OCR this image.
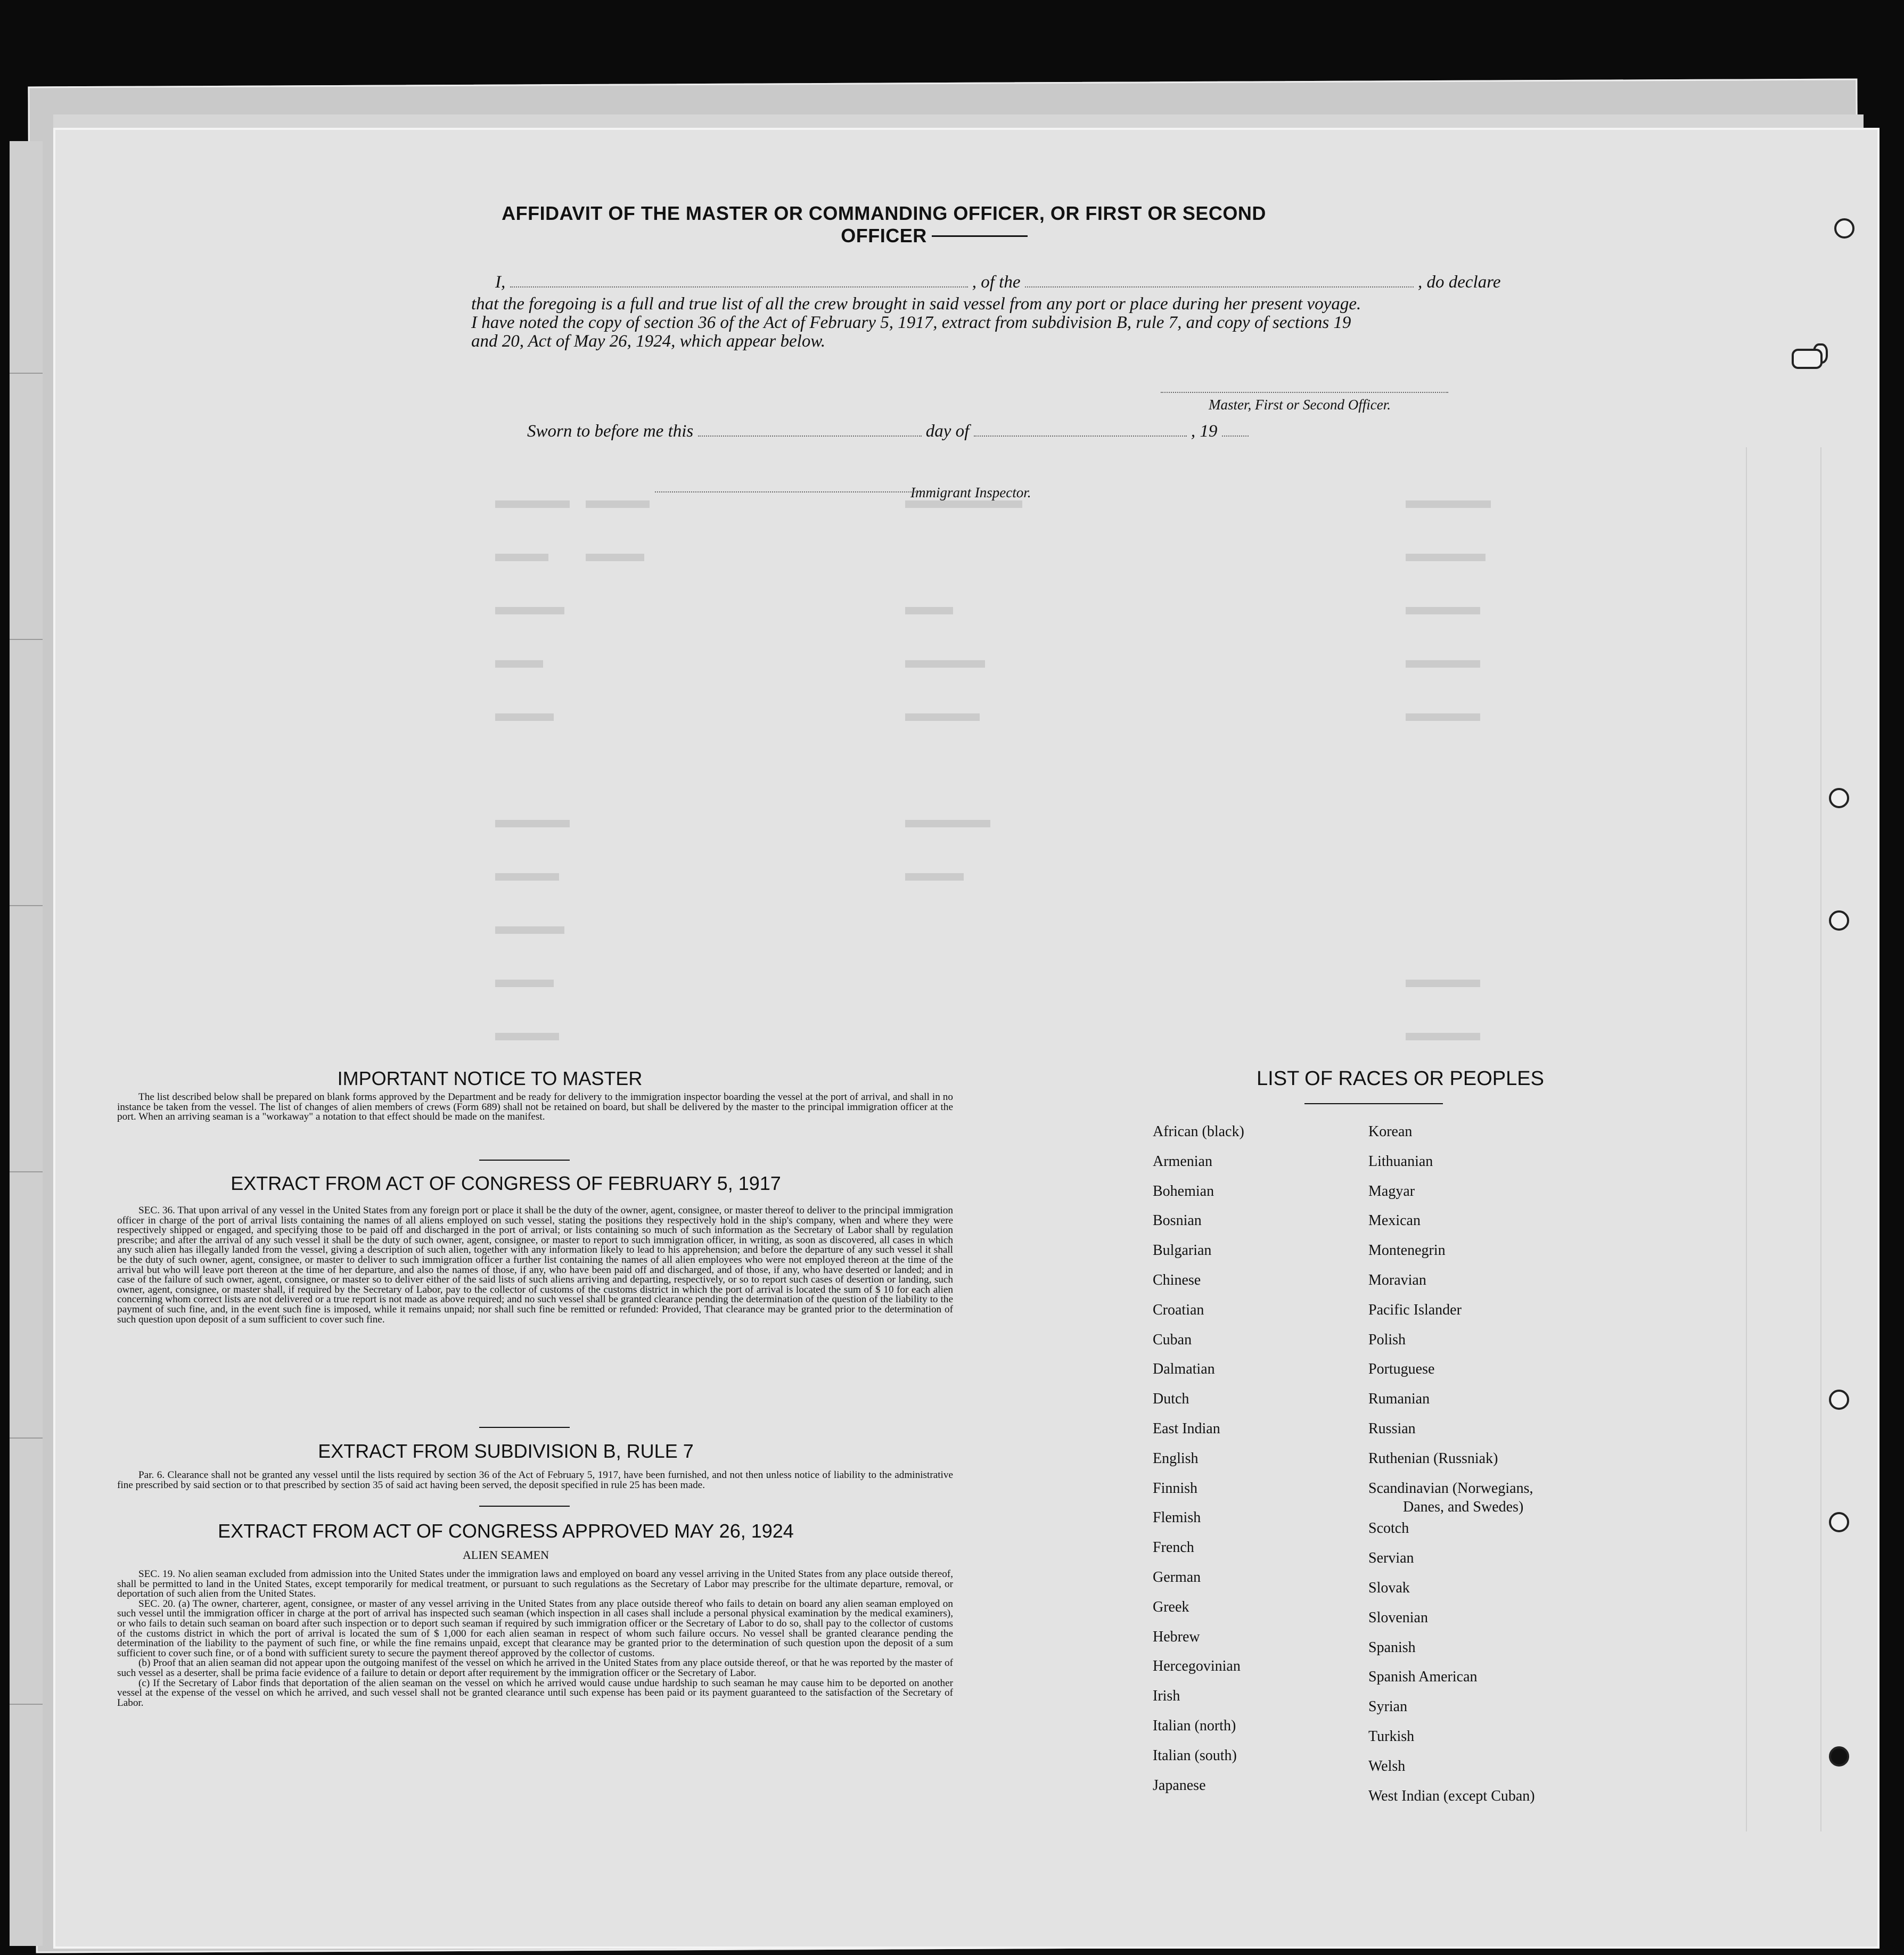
AFFIDAVIT OF THE MASTER OR COMMANDING OFFICER, OR FIRST OR SECOND OFFICER
I,	, of the	, do declare
that the foregoing is a full and true list of all the crew brought in said vessel from any port or place during her present voyage.
I have noted the copy of section 36 of the Act of February 5, 1917, extract from subdivision B, rule 7, and copy of sections 19
and 20, Act of May 26, 1924, which appear below.
Master, First or Second Officer.
Sworn to before me this	day of	, 19
Immigrant Inspector.
IMPORTANT NOTICE TO MASTER

The list described below shall be prepared on blank forms approved by the Department and be ready for delivery to the immigration inspector boarding the vessel at the port of arrival, and shall in no instance be taken from the vessel. The list of changes of alien members of crews (Form 689) shall not be retained on board, but shall be delivered by the master to the principal immigration officer at the port. When an arriving seaman is a "workaway" a notation to that effect should be made on the manifest.

EXTRACT FROM ACT OF CONGRESS OF FEBRUARY 5, 1917

SEC. 36. That upon arrival of any vessel in the United States from any foreign port or place it shall be the duty of the owner, agent, consignee, or master thereof to deliver to the principal immigration officer in charge of the port of arrival lists containing the names of all aliens employed on such vessel, stating the positions they respectively hold in the ship's company, when and where they were respectively shipped or engaged, and specifying those to be paid off and discharged in the port of arrival; or lists containing so much of such information as the Secretary of Labor shall by regulation prescribe; and after the arrival of any such vessel it shall be the duty of such owner, agent, consignee, or master to report to such immigration officer, in writing, as soon as discovered, all cases in which any such alien has illegally landed from the vessel, giving a description of such alien, together with any information likely to lead to his apprehension; and before the departure of any such vessel it shall be the duty of such owner, agent, consignee, or master to deliver to such immigration officer a further list containing the names of all alien employees who were not employed thereon at the time of the arrival but who will leave port thereon at the time of her departure, and also the names of those, if any, who have been paid off and discharged, and of those, if any, who have deserted or landed; and in case of the failure of such owner, agent, consignee, or master so to deliver either of the said lists of such aliens arriving and departing, respectively, or so to report such cases of desertion or landing, such owner, agent, consignee, or master shall, if required by the Secretary of Labor, pay to the collector of customs of the customs district in which the port of arrival is located the sum of $ 10 for each alien concerning whom correct lists are not delivered or a true report is not made as above required; and no such vessel shall be granted clearance pending the determination of the question of the liability to the payment of such fine, and, in the event such fine is imposed, while it remains unpaid; nor shall such fine be remitted or refunded: Provided, That clearance may be granted prior to the determination of such question upon deposit of a sum sufficient to cover such fine.

EXTRACT FROM SUBDIVISION B, RULE 7

Par. 6. Clearance shall not be granted any vessel until the lists required by section 36 of the Act of February 5, 1917, have been furnished, and not then unless notice of liability to the administrative fine prescribed by said section or to that prescribed by section 35 of said act having been served, the deposit specified in rule 25 has been made.

EXTRACT FROM ACT OF CONGRESS APPROVED MAY 26, 1924
ALIEN SEAMEN

SEC. 19. No alien seaman excluded from admission into the United States under the immigration laws and employed on board any vessel arriving in the United States from any place outside thereof, shall be permitted to land in the United States, except temporarily for medical treatment, or pursuant to such regulations as the Secretary of Labor may prescribe for the ultimate departure, removal, or deportation of such alien from the United States.

SEC. 20. (a) The owner, charterer, agent, consignee, or master of any vessel arriving in the United States from any place outside thereof who fails to detain on board any alien seaman employed on such vessel until the immigration officer in charge at the port of arrival has inspected such seaman (which inspection in all cases shall include a personal physical examination by the medical examiners), or who fails to detain such seaman on board after such inspection or to deport such seaman if required by such immigration officer or the Secretary of Labor to do so, shall pay to the collector of customs of the customs district in which the port of arrival is located the sum of $ 1,000 for each alien seaman in respect of whom such failure occurs. No vessel shall be granted clearance pending the determination of the liability to the payment of such fine, or while the fine remains unpaid, except that clearance may be granted prior to the determination of such question upon the deposit of a sum sufficient to cover such fine, or of a bond with sufficient surety to secure the payment thereof approved by the collector of customs.

(b) Proof that an alien seaman did not appear upon the outgoing manifest of the vessel on which he arrived in the United States from any place outside thereof, or that he was reported by the master of such vessel as a deserter, shall be prima facie evidence of a failure to detain or deport after requirement by the immigration officer or the Secretary of Labor.

(c) If the Secretary of Labor finds that deportation of the alien seaman on the vessel on which he arrived would cause undue hardship to such seaman he may cause him to be deported on another vessel at the expense of the vessel on which he arrived, and such vessel shall not be granted clearance until such expense has been paid or its payment guaranteed to the satisfaction of the Secretary of Labor.

LIST OF RACES OR PEOPLES
African (black)
Armenian
Bohemian
Bosnian
Bulgarian
Chinese
Croatian
Cuban
Dalmatian
Dutch
East Indian
English
Finnish
Flemish
French
German
Greek
Hebrew
Hercegovinian
Irish
Italian (north)
Italian (south)
Japanese
Korean
Lithuanian
Magyar
Mexican
Montenegrin
Moravian
Pacific Islander
Polish
Portuguese
Rumanian
Russian
Ruthenian (Russniak)
Scandinavian (Norwegians,
Danes, and Swedes)
Scotch
Servian
Slovak
Slovenian
Spanish
Spanish American
Syrian
Turkish
Welsh
West Indian (except Cuban)
